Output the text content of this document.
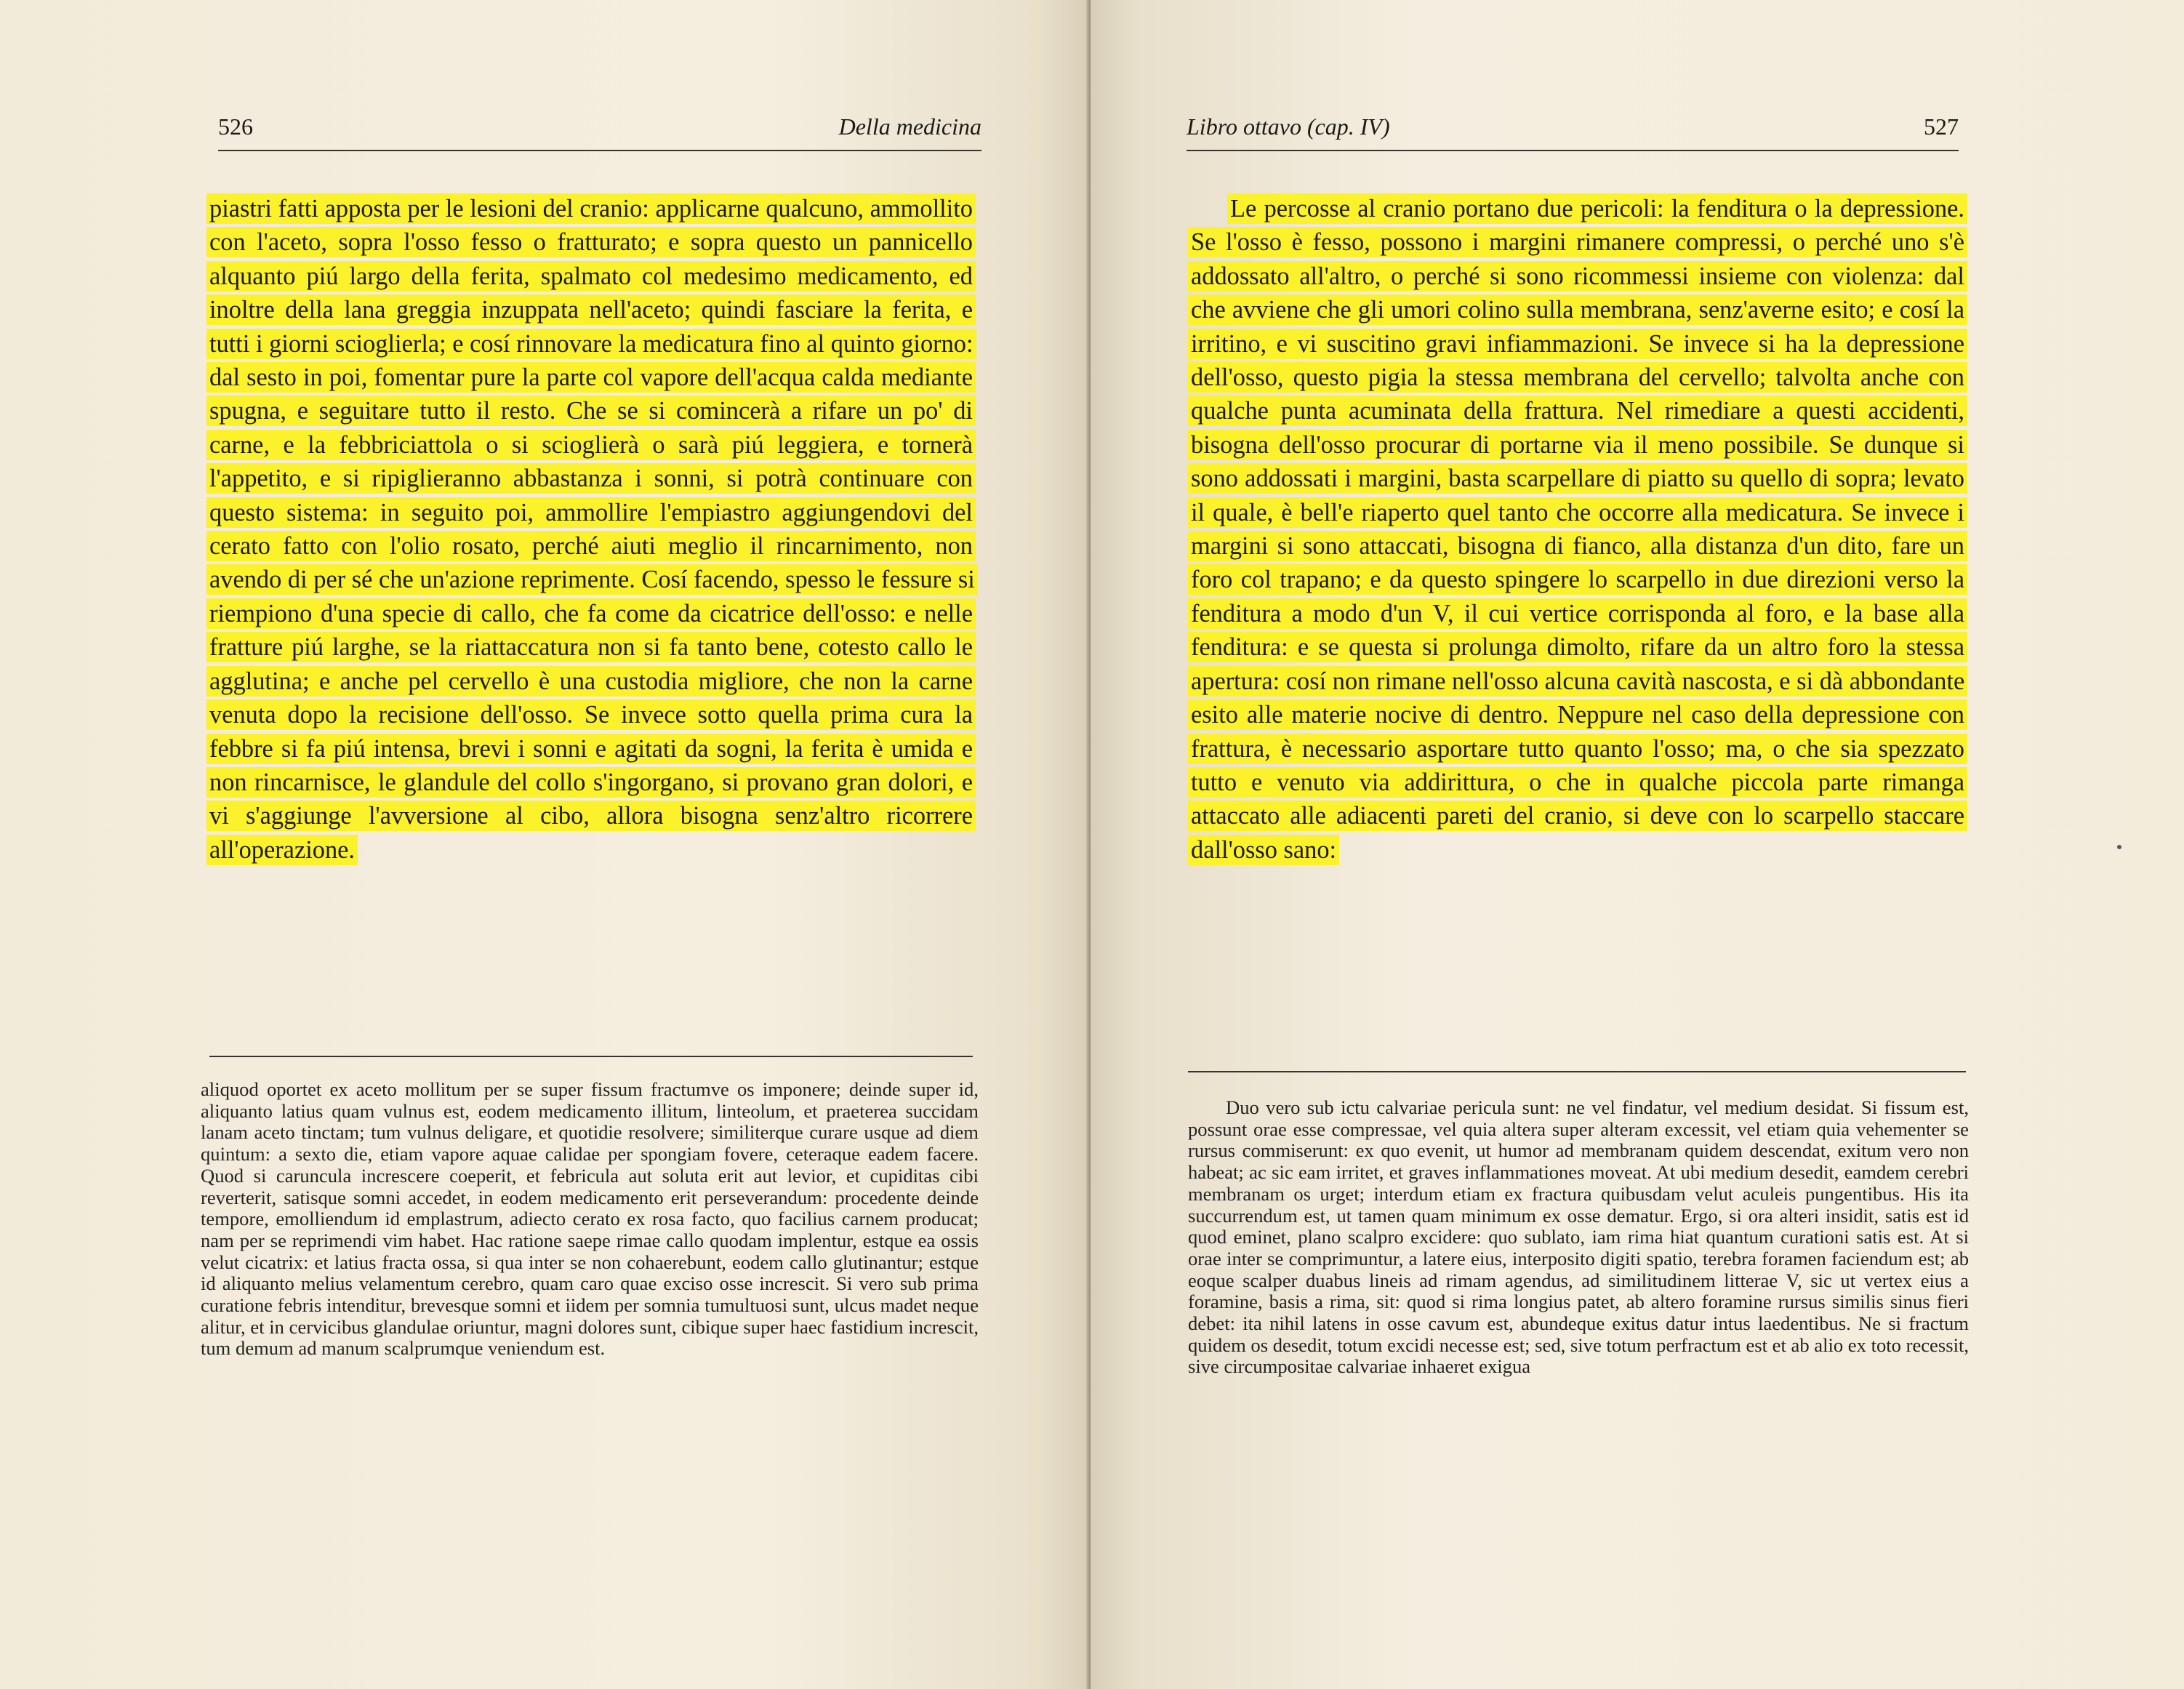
526	Della medicina
piastri fatti apposta per le lesioni del cranio: applicarne qualcuno, ammollito con l'aceto, sopra l'osso fesso o fratturato; e sopra questo un pannicello alquanto piú largo della ferita, spalmato col medesimo medicamento, ed inoltre della lana greggia inzuppata nell'aceto; quindi fasciare la ferita, e tutti i giorni scioglierla; e cosí rinnovare la medicatura fino al quinto giorno: dal sesto in poi, fomentar pure la parte col vapore dell'acqua calda mediante spugna, e seguitare tutto il resto. Che se si comincerà a rifare un po' di carne, e la febbriciattola o si scioglierà o sarà piú leggiera, e tornerà l'appetito, e si ripiglieranno abbastanza i sonni, si potrà continuare con questo sistema: in seguito poi, ammollire l'empiastro aggiungendovi del cerato fatto con l'olio rosato, perché aiuti meglio il rincarnimento, non avendo di per sé che un'azione reprimente. Cosí facendo, spesso le fessure si riempiono d'una specie di callo, che fa come da cicatrice dell'osso: e nelle fratture piú larghe, se la riattaccatura non si fa tanto bene, cotesto callo le agglutina; e anche pel cervello è una custodia migliore, che non la carne venuta dopo la recisione dell'osso. Se invece sotto quella prima cura la febbre si fa piú intensa, brevi i sonni e agitati da sogni, la ferita è umida e non rincarnisce, le glandule del collo s'ingorgano, si provano gran dolori, e vi s'aggiunge l'avversione al cibo, allora bisogna senz'altro ricorrere all'operazione.
aliquod oportet ex aceto mollitum per se super fissum fractumve os imponere; deinde super id, aliquanto latius quam vulnus est, eodem medicamento illitum, linteolum, et praeterea succidam lanam aceto tinctam; tum vulnus deligare, et quotidie resolvere; similiterque curare usque ad diem quintum: a sexto die, etiam vapore aquae calidae per spongiam fovere, ceteraque eadem facere. Quod si caruncula increscere coeperit, et febricula aut soluta erit aut levior, et cupiditas cibi reverterit, satisque somni accedet, in eodem medicamento erit perseverandum: procedente deinde tempore, emolliendum id emplastrum, adiecto cerato ex rosa facto, quo facilius carnem producat; nam per se reprimendi vim habet. Hac ratione saepe rimae callo quodam implentur, estque ea ossis velut cicatrix: et latius fracta ossa, si qua inter se non cohaerebunt, eodem callo glutinantur; estque id aliquanto melius velamentum cerebro, quam caro quae exciso osse increscit. Si vero sub prima curatione febris intenditur, brevesque somni et iidem per somnia tumultuosi sunt, ulcus madet neque alitur, et in cervicibus glandulae oriuntur, magni dolores sunt, cibique super haec fastidium increscit, tum demum ad manum scalprumque veniendum est.
Libro ottavo (cap. IV)	527
Le percosse al cranio portano due pericoli: la fenditura o la depressione. Se l'osso è fesso, possono i margini rimanere compressi, o perché uno s'è addossato all'altro, o perché si sono ricommessi insieme con violenza: dal che avviene che gli umori colino sulla membrana, senz'averne esito; e cosí la irritino, e vi suscitino gravi infiammazioni. Se invece si ha la depressione dell'osso, questo pigia la stessa membrana del cervello; talvolta anche con qualche punta acuminata della frattura. Nel rimediare a questi accidenti, bisogna dell'osso procurar di portarne via il meno possibile. Se dunque si sono addossati i margini, basta scarpellare di piatto su quello di sopra; levato il quale, è bell'e riaperto quel tanto che occorre alla medicatura. Se invece i margini si sono attaccati, bisogna di fianco, alla distanza d'un dito, fare un foro col trapano; e da questo spingere lo scarpello in due direzioni verso la fenditura a modo d'un V, il cui vertice corrisponda al foro, e la base alla fenditura: e se questa si prolunga dimolto, rifare da un altro foro la stessa apertura: cosí non rimane nell'osso alcuna cavità nascosta, e si dà abbondante esito alle materie nocive di dentro. Neppure nel caso della depressione con frattura, è necessario asportare tutto quanto l'osso; ma, o che sia spezzato tutto e venuto via addirittura, o che in qualche piccola parte rimanga attaccato alle adiacenti pareti del cranio, si deve con lo scarpello staccare dall'osso sano:
Duo vero sub ictu calvariae pericula sunt: ne vel findatur, vel medium desidat. Si fissum est, possunt orae esse compressae, vel quia altera super alteram excessit, vel etiam quia vehementer se rursus commiserunt: ex quo evenit, ut humor ad membranam quidem descendat, exitum vero non habeat; ac sic eam irritet, et graves inflammationes moveat. At ubi medium desedit, eamdem cerebri membranam os urget; interdum etiam ex fractura quibusdam velut aculeis pungentibus. His ita succurrendum est, ut tamen quam minimum ex osse dematur. Ergo, si ora alteri insidit, satis est id quod eminet, plano scalpro excidere: quo sublato, iam rima hiat quantum curationi satis est. At si orae inter se comprimuntur, a latere eius, interposito digiti spatio, terebra foramen faciendum est; ab eoque scalper duabus lineis ad rimam agendus, ad similitudinem litterae V, sic ut vertex eius a foramine, basis a rima, sit: quod si rima longius patet, ab altero foramine rursus similis sinus fieri debet: ita nihil latens in osse cavum est, abundeque exitus datur intus laedentibus. Ne si fractum quidem os desedit, totum excidi necesse est; sed, sive totum perfractum est et ab alio ex toto recessit, sive circumpositae calvariae inhaeret exigua
